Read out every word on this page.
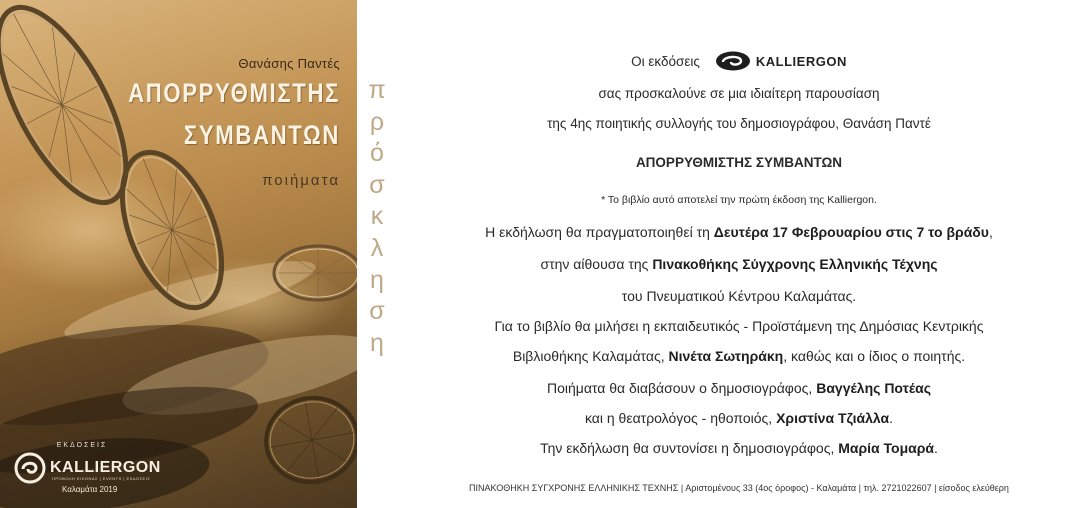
Θανάσης Παντές
ΑΠΟΡΡΥΘΜΙΣΤΗΣ
ΣΥΜΒΑΝΤΩΝ
ποιήματα
ΕΚΔΟΣΕΙΣ
KALLIERGON
ΠΡΟΒΟΛΗ ΕΙΚΟΝΑΣ | EVENTS | ΕΚΔΟΣΕΙΣ
Καλαμάτα 2019
π
ρ
ό
σ
κ
λ
η
σ
η
Οι εκδόσεις	KALLIERGON
σας προσκαλούνε σε μια ιδιαίτερη παρουσίαση
της 4ης ποιητικής συλλογής του δημοσιογράφου, Θανάση Παντέ
ΑΠΟΡΡΥΘΜΙΣΤΗΣ ΣΥΜΒΑΝΤΩΝ
* Το βιβλίο αυτό αποτελεί την πρώτη έκδοση της Kalliergon.
Η εκδήλωση θα πραγματοποιηθεί τη Δευτέρα 17 Φεβρουαρίου στις 7 το βράδυ,
στην αίθουσα της Πινακοθήκης Σύγχρονης Ελληνικής Τέχνης
του Πνευματικού Κέντρου Καλαμάτας.
Για το βιβλίο θα μιλήσει η εκπαιδευτικός - Προϊστάμενη της Δημόσιας Κεντρικής
Βιβλιοθήκης Καλαμάτας, Νινέτα Σωτηράκη, καθώς και ο ίδιος ο ποιητής.
Ποιήματα θα διαβάσουν ο δημοσιογράφος, Βαγγέλης Ποτέας
και η θεατρολόγος - ηθοποιός, Χριστίνα Τζιάλλα.
Την εκδήλωση θα συντονίσει η δημοσιογράφος, Μαρία Τομαρά.
ΠΙΝΑΚΟΘΗΚΗ ΣΥΓΧΡΟΝΗΣ ΕΛΛΗΝΙΚΗΣ ΤΕΧΝΗΣ | Αριστομένους 33 (4ος όροφος) - Καλαμάτα | τηλ. 2721022607 | είσοδος ελεύθερη
